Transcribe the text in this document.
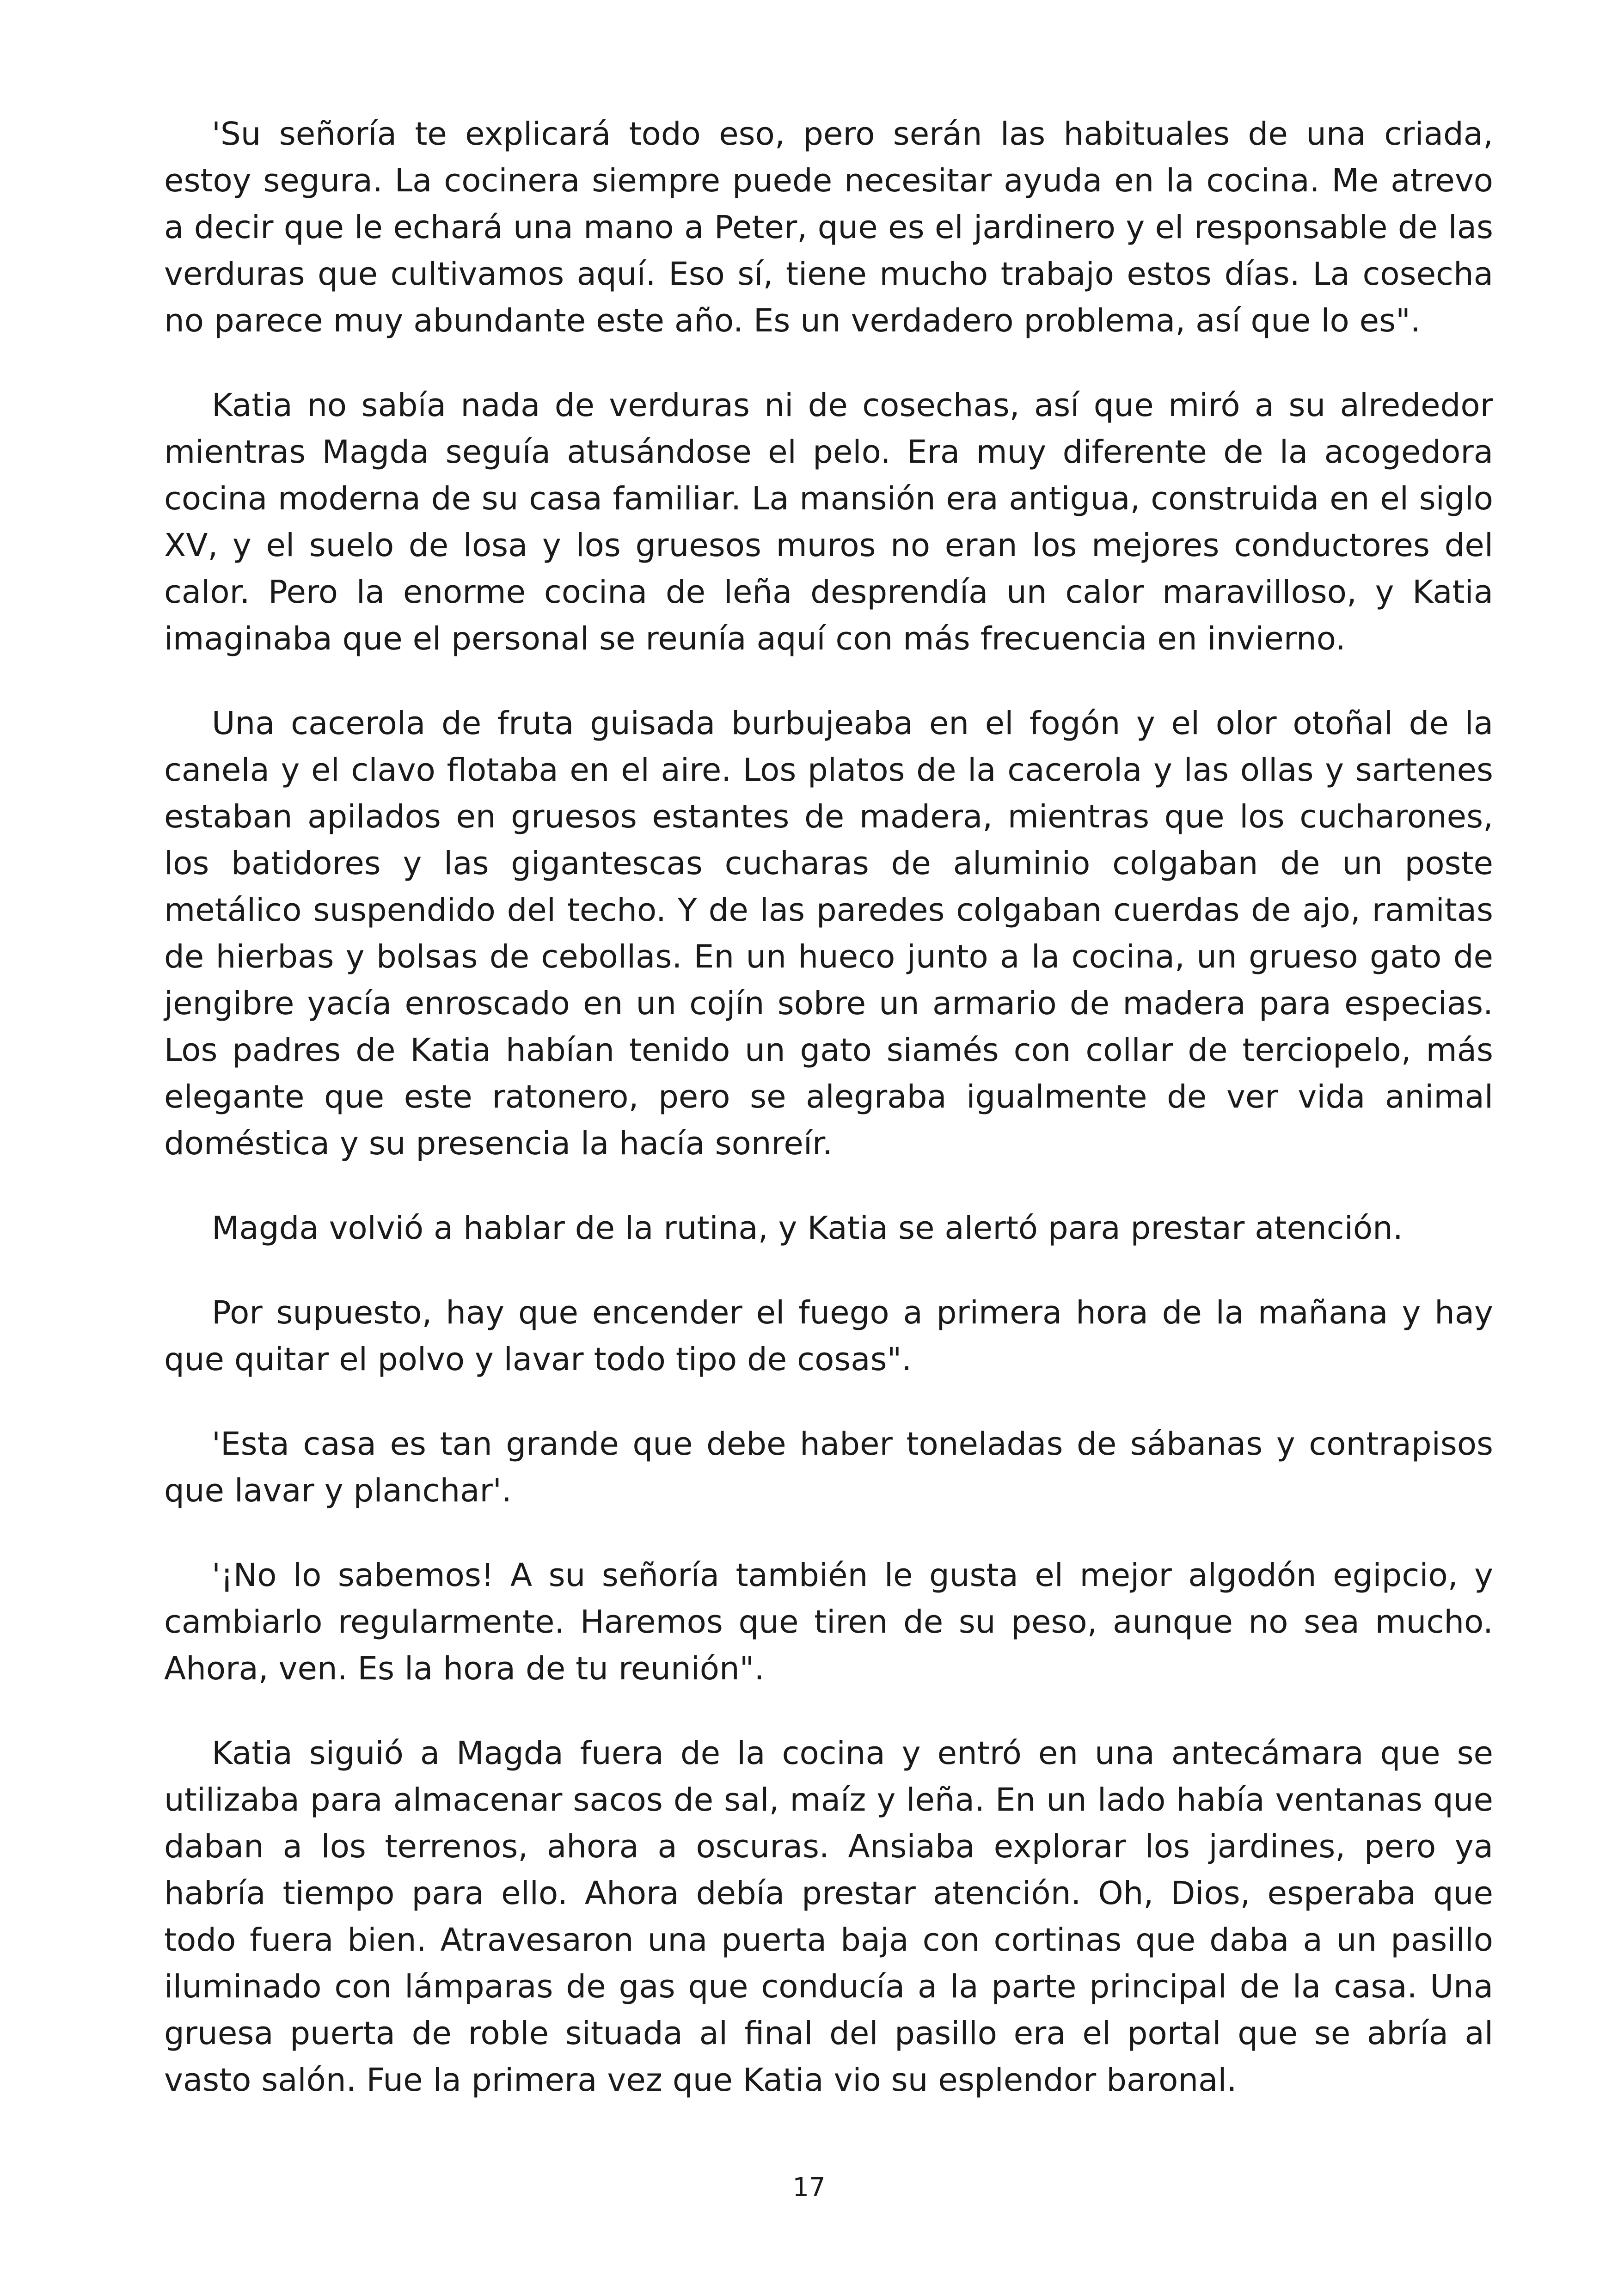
'Su señoría te explicará todo eso, pero serán las habituales de una criada, estoy segura. La cocinera siempre puede necesitar ayuda en la cocina. Me atrevo a decir que le echará una mano a Peter, que es el jardinero y el responsable de las verduras que cultivamos aquí. Eso sí, tiene mucho trabajo estos días. La cosecha no parece muy abundante este año. Es un verdadero problema, así que lo es".

Katia no sabía nada de verduras ni de cosechas, así que miró a su alrededor mientras Magda seguía atusándose el pelo. Era muy diferente de la acogedora cocina moderna de su casa familiar. La mansión era antigua, construida en el siglo XV, y el suelo de losa y los gruesos muros no eran los mejores conductores del calor. Pero la enorme cocina de leña desprendía un calor maravilloso, y Katia imaginaba que el personal se reunía aquí con más frecuencia en invierno.

Una cacerola de fruta guisada burbujeaba en el fogón y el olor otoñal de la canela y el clavo flotaba en el aire. Los platos de la cacerola y las ollas y sartenes estaban apilados en gruesos estantes de madera, mientras que los cucharones, los batidores y las gigantescas cucharas de aluminio colgaban de un poste metálico suspendido del techo. Y de las paredes colgaban cuerdas de ajo, ramitas de hierbas y bolsas de cebollas. En un hueco junto a la cocina, un grueso gato de jengibre yacía enroscado en un cojín sobre un armario de madera para especias. Los padres de Katia habían tenido un gato siamés con collar de terciopelo, más elegante que este ratonero, pero se alegraba igualmente de ver vida animal doméstica y su presencia la hacía sonreír.

Magda volvió a hablar de la rutina, y Katia se alertó para prestar atención.

Por supuesto, hay que encender el fuego a primera hora de la mañana y hay que quitar el polvo y lavar todo tipo de cosas".

'Esta casa es tan grande que debe haber toneladas de sábanas y contrapisos que lavar y planchar'.

'¡No lo sabemos! A su señoría también le gusta el mejor algodón egipcio, y cambiarlo regularmente. Haremos que tiren de su peso, aunque no sea mucho. Ahora, ven. Es la hora de tu reunión".

Katia siguió a Magda fuera de la cocina y entró en una antecámara que se utilizaba para almacenar sacos de sal, maíz y leña. En un lado había ventanas que daban a los terrenos, ahora a oscuras. Ansiaba explorar los jardines, pero ya habría tiempo para ello. Ahora debía prestar atención. Oh, Dios, esperaba que todo fuera bien. Atravesaron una puerta baja con cortinas que daba a un pasillo iluminado con lámparas de gas que conducía a la parte principal de la casa. Una gruesa puerta de roble situada al final del pasillo era el portal que se abría al vasto salón. Fue la primera vez que Katia vio su esplendor baronal.

17
